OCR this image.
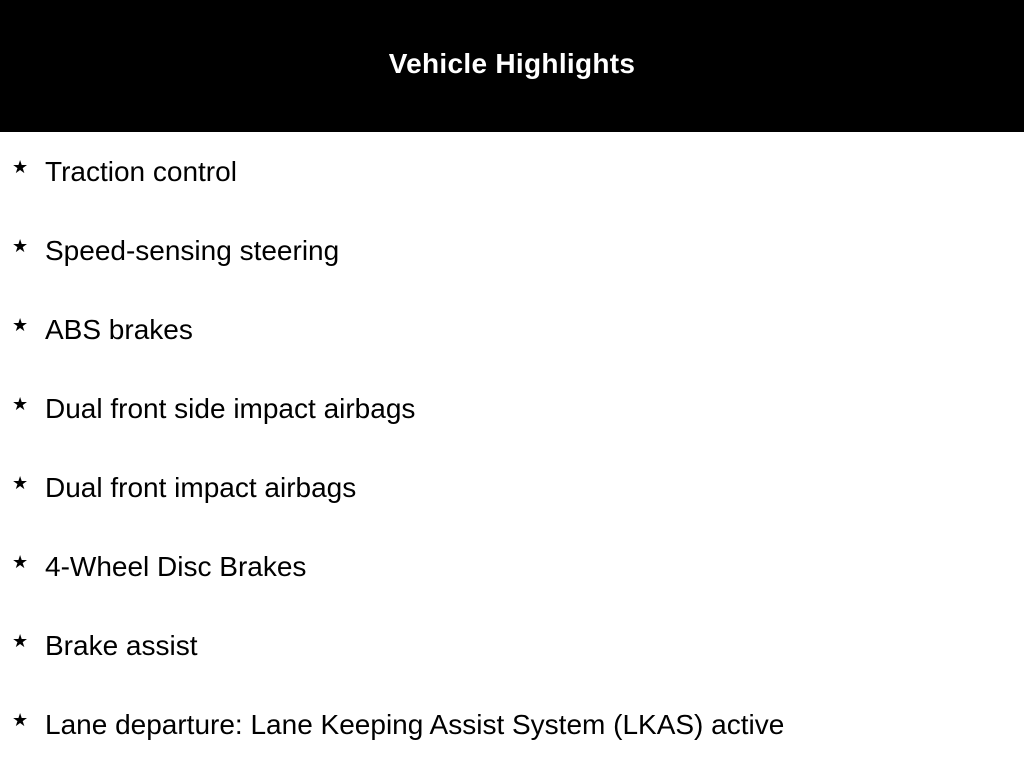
Vehicle Highlights
★ Traction control
★ Speed-sensing steering
★ ABS brakes
★ Dual front side impact airbags
★ Dual front impact airbags
★ 4-Wheel Disc Brakes
★ Brake assist
★ Lane departure: Lane Keeping Assist System (LKAS) active
